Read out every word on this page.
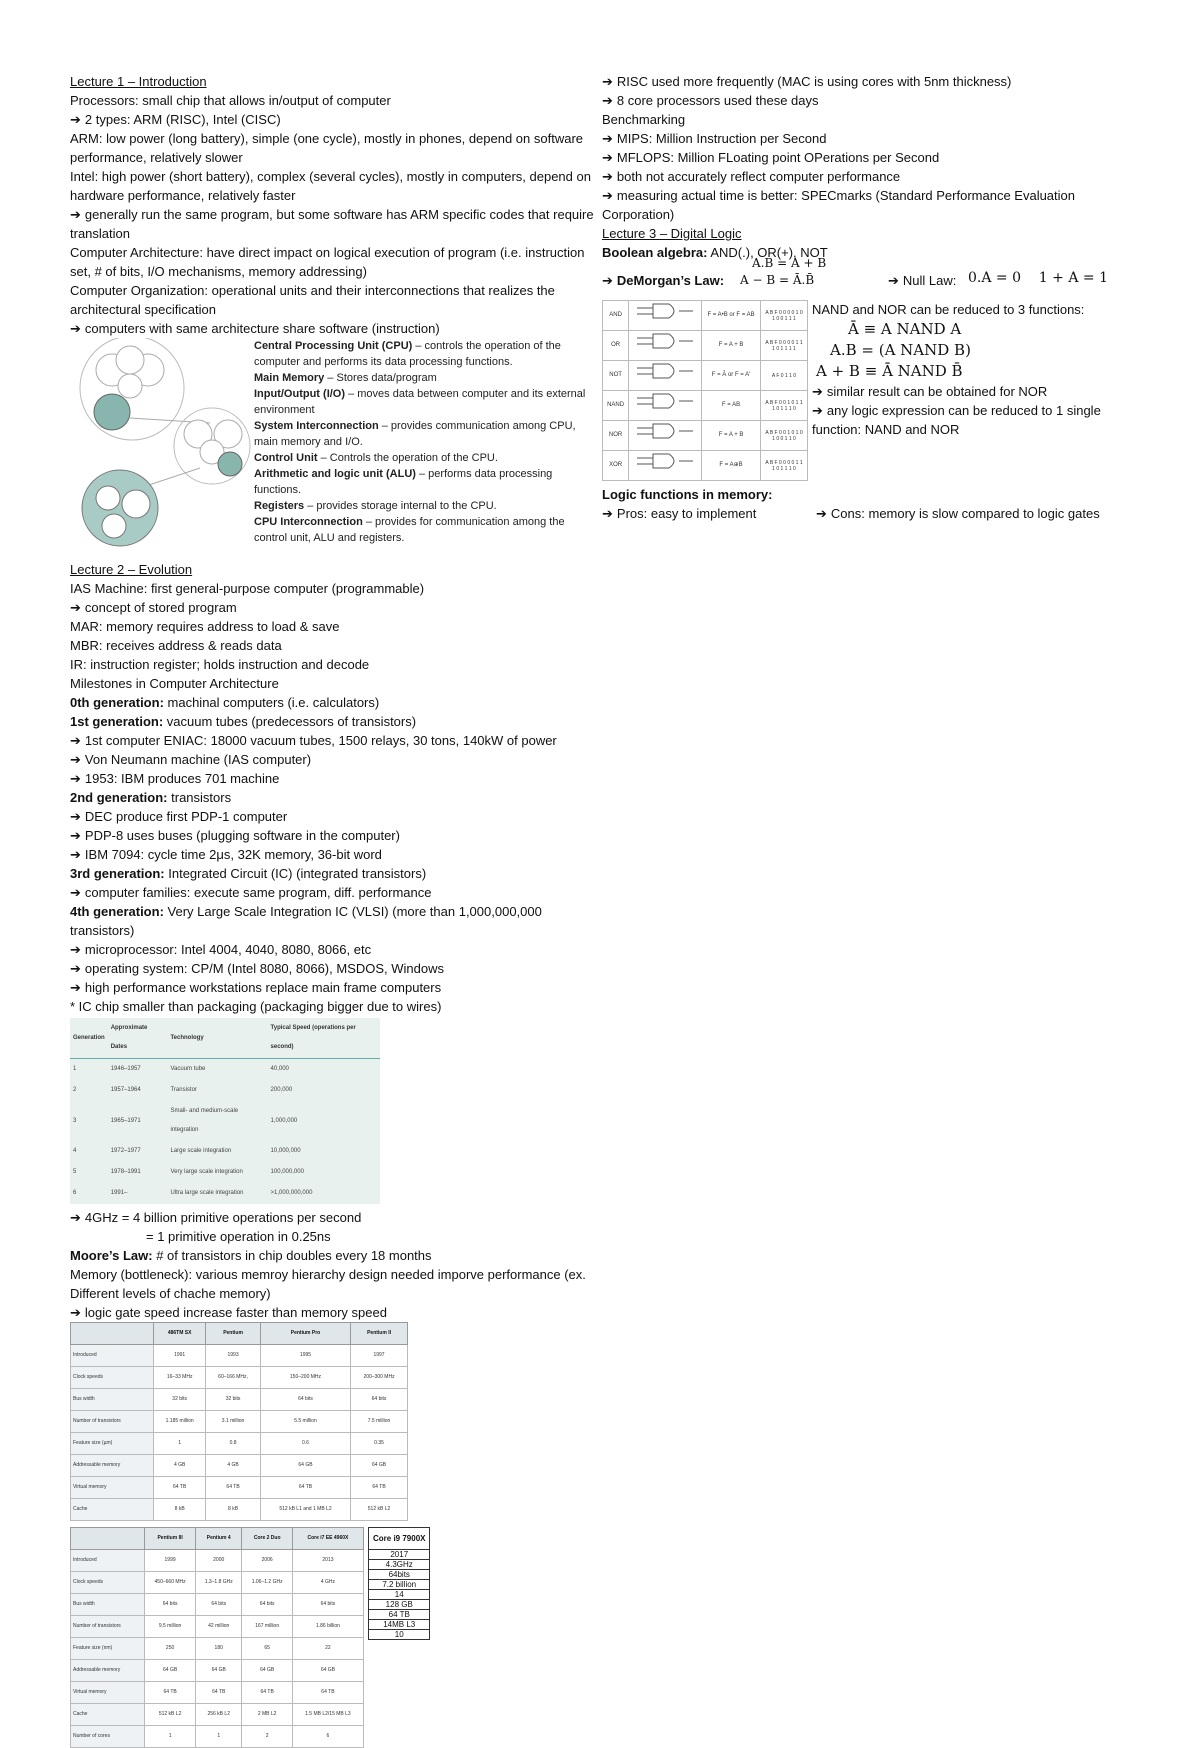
Lecture 1 – Introduction
Processors: small chip that allows in/output of computer
➔ 2 types: ARM (RISC), Intel (CISC)
ARM: low power (long battery), simple (one cycle), mostly in phones, depend on software performance, relatively slower
Intel: high power (short battery), complex (several cycles), mostly in computers, depend on hardware performance, relatively faster
➔ generally run the same program, but some software has ARM specific codes that require translation
Computer Architecture: have direct impact on logical execution of program (i.e. instruction set, # of bits, I/O mechanisms, memory addressing)
Computer Organization: operational units and their interconnections that realizes the architectural specification
➔ computers with same architecture share software (instruction)
Central Processing Unit (CPU) – controls the operation of the computer and performs its data processing functions.
Main Memory – Stores data/program
Input/Output (I/O) – moves data between computer and its external environment
System Interconnection – provides communication among CPU, main memory and I/O.
Control Unit – Controls the operation of the CPU.
Arithmetic and logic unit (ALU) – performs data processing functions.
Registers – provides storage internal to the CPU.
CPU Interconnection – provides for communication among the control unit, ALU and registers.
Lecture 2 – Evolution
IAS Machine: first general-purpose computer (programmable)
➔ concept of stored program
MAR: memory requires address to load & save
MBR: receives address & reads data
IR: instruction register; holds instruction and decode
Milestones in Computer Architecture
0th generation: machinal computers (i.e. calculators)
1st generation: vacuum tubes (predecessors of transistors)
➔ 1st computer ENIAC: 18000 vacuum tubes, 1500 relays, 30 tons, 140kW of power
➔ Von Neumann machine (IAS computer)
➔ 1953: IBM produces 701 machine
2nd generation: transistors
➔ DEC produce first PDP-1 computer
➔ PDP-8 uses buses (plugging software in the computer)
➔ IBM 7094: cycle time 2μs, 32K memory, 36-bit word
3rd generation: Integrated Circuit (IC) (integrated transistors)
➔ computer families: execute same program, diff. performance
4th generation: Very Large Scale Integration IC (VLSI) (more than 1,000,000,000 transistors)
➔ microprocessor: Intel 4004, 4040, 8080, 8066, etc
➔ operating system: CP/M (Intel 8080, 8066), MSDOS, Windows
➔ high performance workstations replace main frame computers
* IC chip smaller than packaging (packaging bigger due to wires)
Generation	Approximate Dates	Technology	Typical Speed (operations per second)
1	1946–1957	Vacuum tube	40,000
2	1957–1964	Transistor	200,000
3	1965–1971	Small- and medium-scale integration	1,000,000
4	1972–1977	Large scale integration	10,000,000
5	1978–1991	Very large scale integration	100,000,000
6	1991–	Ultra large scale integration	>1,000,000,000
➔ 4GHz = 4 billion primitive operations per second
= 1 primitive operation in 0.25ns
Moore’s Law: # of transistors in chip doubles every 18 months
Memory (bottleneck): various memroy hierarchy design needed imporve performance (ex. Different levels of chache memory)
➔ logic gate speed increase faster than memory speed
	486TM SX	Pentium	Pentium Pro	Pentium II
Introduced	1991	1993	1995	1997
Clock speeds	16–33 MHz	60–166 MHz,	150–200 MHz	200–300 MHz
Bus width	32 bits	32 bits	64 bits	64 bits
Number of transistors	1.185 million	3.1 million	5.5 million	7.5 million
Feature size (µm)	1	0.8	0.6	0.35
Addressable memory	4 GB	4 GB	64 GB	64 GB
Virtual memory	64 TB	64 TB	64 TB	64 TB
Cache	8 kB	8 kB	512 kB L1 and 1 MB L2	512 kB L2
	Pentium III	Pentium 4	Core 2 Duo	Core i7 EE 4960X
Introduced	1999	2000	2006	2013
Clock speeds	450–660 MHz	1.3–1.8 GHz	1.06–1.2 GHz	4 GHz
Bus width	64 bits	64 bits	64 bits	64 bits
Number of transistors	9.5 million	42 million	167 million	1.86 billion
Feature size (nm)	250	180	65	22
Addressable memory	64 GB	64 GB	64 GB	64 GB
Virtual memory	64 TB	64 TB	64 TB	64 TB
Cache	512 kB L2	256 kB L2	2 MB L2	1.5 MB L2/15 MB L3
Number of cores	1	1	2	6
Core i9 7900X
2017
4.3GHz
64bits
7.2 billion
14
128 GB
64 TB
14MB L3
10
➔ RISC used more frequently (MAC is using cores with 5nm thickness)
➔ 8 core processors used these days
Benchmarking
➔ MIPS: Million Instruction per Second
➔ MFLOPS: Million FLoating point OPerations per Second
➔ both not accurately reflect computer performance
➔ measuring actual time is better: SPECmarks (Standard Performance Evaluation Corporation)
Lecture 3 – Digital Logic
Boolean algebra: AND(.), OR(+), NOT
A.B = A + B
➔ DeMorgan’s Law: A − B = Ā.B̄	➔ Null Law: 0.A = 0    1 + A = 1
AND		F = A•B or F = AB	A B F 0 0 0 0 1 0 1 0 0 1 1 1
OR		F = A + B	A B F 0 0 0 0 1 1 1 0 1 1 1 1
NOT		F = Ā or F = A′	A F 0 1 1 0
NAND		F = AB	A B F 0 0 1 0 1 1 1 0 1 1 1 0
NOR		F = A + B	A B F 0 0 1 0 1 0 1 0 0 1 1 0
XOR		F = A⊕B	A B F 0 0 0 0 1 1 1 0 1 1 1 0
NAND and NOR can be reduced to 3 functions:
Ā ≡ A NAND A
A.B = (A NAND B)
A + B ≡ Ā NAND B̄
➔ similar result can be obtained for NOR
➔ any logic expression can be reduced to 1 single function: NAND and NOR
Logic functions in memory:
➔ Pros: easy to implement	➔ Cons: memory is slow compared to logic gates
